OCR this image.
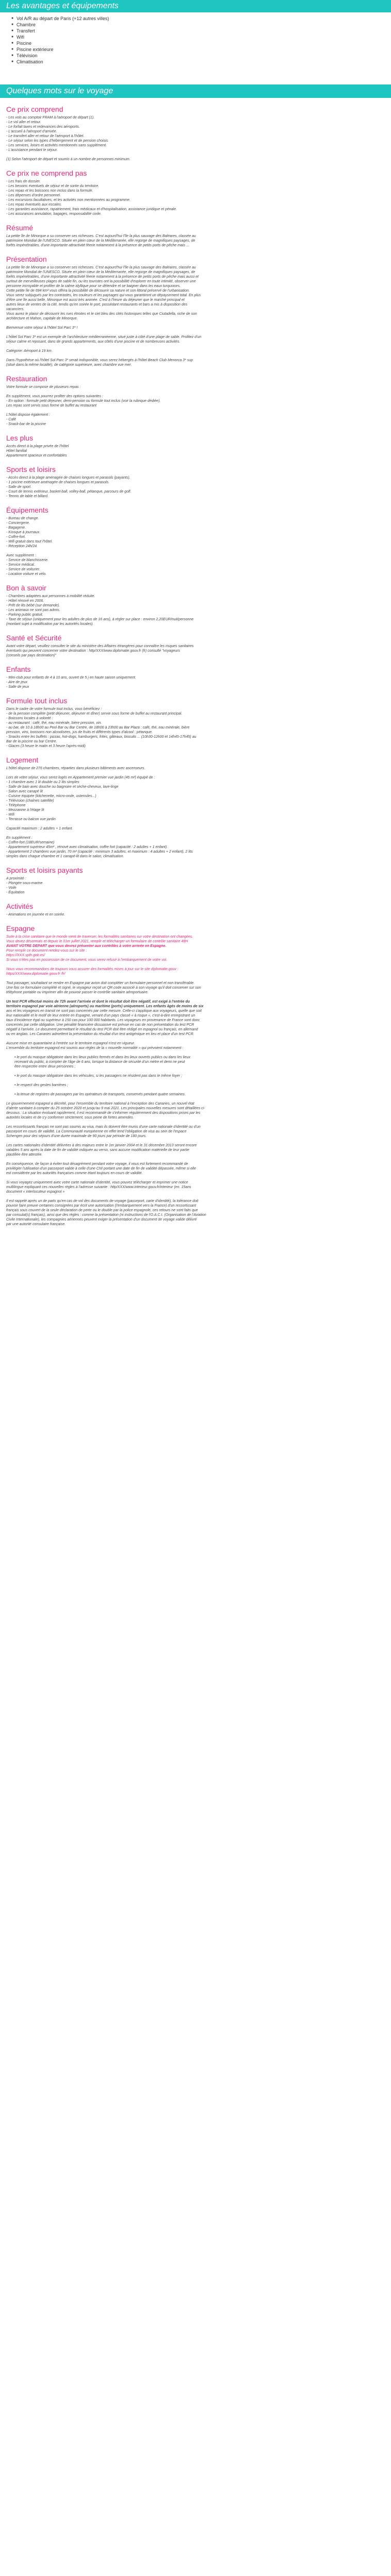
Les avantages et équipements
● Vol A/R au départ de Paris (+12 autres villes)
● Chambre
● Transfert
● Wifi
● Piscine
● Piscine extérieure
● Télévision
● Climatisation
Quelques mots sur le voyage
Ce prix comprend

- Les vols au comptoir FRAM à l'aéroport de départ (1).

- Le vol aller et retour.

- Le forfait taxes et redevances des aéroports.

- L'accueil à l'aéroport d'arrivée.

- Le transfert aller et retour de l'aéroport à l'hôtel.

- Le séjour selon les types d'hébergement et de pension choisis.

- Les services, loisirs et activités mentionnés sans supplément.

- L'assistance pendant le séjour.

(1) Selon l'aéroport de départ et soumis à un nombre de personnes minimum.

Ce prix ne comprend pas

- Les frais de dossier.

- Les besoins éventuels de séjour et de sortie du territoire.

- Les repas et les boissons non inclus dans la formule.

- Les dépenses d'ordre personnel.

- Les excursions facultatives, et les activités non mentionnées au programme.

- Les repas éventuels aux escales.

- Les garanties assistance, rapatriement, frais médicaux et d'hospitalisation, assistance juridique et pénale.

- Les assurances annulation, bagages, responsabilité civile.

Résumé

La petite île de Minorque a su conserver ses richesses. C'est aujourd'hui l'île la plus sauvage des Baléares, classée au

patrimoine Mondial de l'UNESCO. Située en plein cœur de la Méditerranée, elle regorge de magnifiques paysages, de

forêts impénétrables, d'une importante attractivité féerie notamment à la présence de petits ports de pêche mais ...

Présentation

La petite île de Minorque a su conserver ses richesses. C'est aujourd'hui l'île la plus sauvage des Baléares, classée au

patrimoine Mondial de l'UNESCO. Située en plein cœur de la Méditerranée, elle regorge de magnifiques paysages, de

forêts impénétrables, d'une importante attractivité féerie notamment à la présence de petits ports de pêche mais aussi et

surtout de merveilleuses plages de sable fin, ou les touristes ont la possibilité d'explorer en toute intimité, observer une

personne incroyable et profiter de la calme idyllique pour se détendre et se baigner dans les eaux turquoises.

Cette petite île de 694 km² vous offrira la possibilité de découvrir sa nature et son littoral préservé de l'urbanisation.

Vous serez subjugués par les contrastes, les couleurs et les paysages qui vous garantiront un dépaysement total. En plus

d'être une île aussi belle, Minorque est aussi très animée. C'est à l'heure du déjeuner que le marché principal et

autres lieux de ventes de la cité, tendis qu'en soirée le port, possédant restaurants et bars a mis à disposition des

vacanciers.

Vous aurez le plaisir de découvrir les rues étroites et le ciel bleu des cités historiques telles que Ciutadella, riche de son

architecture et Mahon, capitale de Minorque.

Bienvenue votre séjour à l'hôtel Sol Parc 3* !

L'hôtel Sol Parc 3* est un exemple de l'architecture méditerranéenne, situé juste à côté d'une plage de sable. Profitez d'un

séjour calme et reposant, dans de grands appartements, aux côtés d'une piscine et de nombreuses activités.

Catégorie: Aéroport à 19 km.

Dans l'hypothèse où l'hôtel Sol Parc 3* serait indisponible, vous serez hébergés à l'hôtel Beach Club Menorca 3* sup

(situé dans la même localité), de catégorie supérieure, avec chambre vue mer.

Restauration

Votre formule se compose de plusieurs repas :

En supplément, vous pourrez profiter des options suivantes :

- En option : formule petit déjeuner, demi-pension ou formule tout inclus (voir la rubrique dédiée).

Les repas sont servis sous forme de buffet au restaurant

L'hôtel dispose également :

- Café

- Snack-bar de la piscine

Les plus

Accès direct à la plage privée de l'hôtel

Hôtel familial

Appartement spacieux et confortables

Sports et loisirs

- Accès direct à la plage aménagée de chaises longues et parasols (payants).

- 1 piscine extérieure aménagée de chaises longues et parasols.

- Salle de sport.

- Court de tennis extérieur, basket-ball, volley-ball, pétanque, parcours de golf.

- Tennis de table et billard.

Équipements

- Bureau de change.

- Conciergerie.

- Bagagerie.

- Kiosque à journaux.

- Coffre-fort.

- Wifi gratuit dans tout l'hôtel.

- Réception 24h/24.

Avec supplément :

- Service de blanchisserie.

- Service médical.

- Service de voiturier.

- Location voiture et vélo.

Bon à savoir

- Chambres adaptées aux personnes à mobilité réduite.

- Hôtel rénové en 2006.

- Prêt de lits bébé (sur demande).

- Les animaux ne sont pas admis.

- Parking public gratuit.

- Taxe de séjour (uniquement pour les adultes de plus de 16 ans), à régler sur place : environ 2,20EUR/nuit/personne

(montant sujet à modification par les autorités locales).

Santé et Sécurité

Avant votre départ, veuillez consulter le site du ministère des Affaires étrangères pour connaître les risques sanitaires

éventuels qui peuvent concerner votre destination : http/XXX/www.diplomatie.gouv.fr (fr) consulté "voyageurs

(conseils par pays destination)"

Enfants

- Mini-club pour enfants de 4 à 10 ans, ouvert de 5 j en haute saison uniquement.

- Aire de jeux

- Salle de jeux

Formule tout inclus

Dans le cadre de votre formule tout inclus, vous bénéficiez :

- de la pension complète (petit déjeuner, déjeuner et dîner) servie sous forme de buffet au restaurant principal.

- Boissons locales à volonté :

- au restaurant : café, thé, eau minérale, bière pression, vin.

- au bar, de 10 à 18h00 au Pool Bar ou Bar Centre, de 18h00 à 23h00 au Bar Plaza : café, thé, eau minérale, bière

pression, vins, boissons non alcoolisées, jus de fruits et différents types d'alcool : pétanque.

- Snacks entre les buffets : pizzas, hot-dogs, hamburgers, frites, gâteaux, biscuits ... (10h30-12h00 et 14h45-17h45) au

Bar de la piscine ou bar Centre.

- Glaces (3 heure le matin et 3 heure l'après-midi)

Logement

L'hôtel dispose de 276 chambres, réparties dans plusieurs bâtiments avec ascenseurs.

Lors de votre séjour, vous serez logés en Appartement premier vue jardin (45 m²) équipé de :

- 1 chambre avec 1 lit double ou 2 lits simples

- Salle de bain avec douche ou baignoire et sèche-cheveux, lave-linge

- Salon avec canapé lit

- Cuisine équipée (kitchenette, micro-onde, ustensiles...)

- Télévision (chaînes satellite)

- Téléphone

- Mezzanine à l'étage lit

- Wifi

- Terrasse ou balcon vue jardin

Capacité maximum : 2 adultes + 1 enfant.

En supplément :

- Coffre-fort (18EUR/semaine)

- Appartement supérieur 45m² , rénové avec climatisation, coffre fort (capacité : 2 adultes + 1 enfant).

- Appartement 2 chambres vue jardin, 70 m² (capacité : minimum 3 adultes, et maximum : 4 adultes + 2 enfant), 2 lits

simples dans chaque chambre et 1 canapé-lit dans le salon, climatisation.

Sports et loisirs payants

A proximité :

- Plongée sous-marine

- Voile

- Équitation

Activités

- Animations en journée et en soirée.

Espagne

Suite à la crise sanitaire que le monde vient de traverser, les formalités sanitaires sur votre destination ont changées.

Vous devez désormais et depuis le 01er juillet 2021, remplir et télécharger un formulaire de contrôle sanitaire 48H

AVANT VOTRE DEPART que vous devrez présenter aux contrôles à votre arrivée en Espagne.

Pour remplir ce document rendez-vous sur le site :

https://XXX.spth.gob.es/

Si vous n'êtes pas en possession de ce document, vous serez refusé à l'embarquement de votre vol.

Nous vous recommandons de toujours vous assurer des formalités mises à jour sur le site diplomatie.gouv :

https/XXX/www.diplomatie.gouv.fr /fr/

Tout passager, souhaitant se rendre en Espagne par avion doit compléter un formulaire personnel et non transférable.

Une fois ce formulaire complété et signé, le voyageur reçoit un QR code associé à son voyage qu'il doit conserver sur son

téléphone portable ou imprimer afin de pouvoir passer le contrôle sanitaire aéroportuaire.

Un test PCR effectué moins de 72h avant l'arrivée et dont le résultat doit être négatif, est exigé à l'entrée du

territoire espagnol par voie aérienne (aéroports) ou maritime (ports) uniquement. Les enfants âgés de moins de six

ans et les voyageurs en transit ne sont pas concernés par cette mesure. Celle-ci s'applique aux voyageurs, quelle que soit

leur nationalité et le motif de leur entrée en Espagne, venant d'un pays classé « à risque », c'est-à-dire enregistrant un

taux d'incidence égal ou supérieur à 150 cas pour 100 000 habitants. Les voyageurs en provenance de France sont donc

concernés par cette obligation. Une pénalité financière dissuasive est prévue en cas de non présentation du test PCR

négatif à l'arrivée. Le document permettant le résultat du test PCR doit être rédigé en espagnol ou français, en allemand

ou en anglais. Les Canaries admettent la présentation du résultat d'un test antigénique en lieu et place d'un test PCR.

Aucune mise en quarantaine à l'entrée sur le territoire espagnol n'est en vigueur.

L'ensemble du territoire espagnol est soumis aux règles de la « nouvelle normalité » qui prévoient notamment :

• le port du masque obligatoire dans les lieux publics fermés et dans les lieux ouverts publics ou dans les lieux

recevant du public, à compter de l'âge de 6 ans, lorsque la distance de sécurité d'un mètre et demi ne peut

être respectée entre deux personnes ;

• le port du masque obligatoire dans les véhicules, si les passagers ne résident pas dans le même foyer ;

• le respect des gestes barrières ;

• la tenue de registres de passagers par les opérateurs de transports, conservés pendant quatre semaines.

Le gouvernement espagnol a décrété, pour l'ensemble du territoire national à l'exception des Canaries, un nouvel état

d'alerte sanitaire à compter du 25 octobre 2020 et jusqu'au 9 mai 2021. Les principales nouvelles mesures sont détaillées ci-

dessous : La situation évoluant rapidement, il est recommandé de s'informer régulièrement des dispositions prises par les

autorités locales et de s'y conformer strictement, sous peine de fortes amendes.

Les ressortissants français ne sont pas soumis au visa, mais ils doivent être munis d'une carte nationale d'identité ou d'un

passeport en cours de validité. La Communauté européenne en effet tend l'obligation de visa au sein de l'espace

Schengen pour des séjours d'une durée maximale de 90 jours par période de 180 jours.

Les cartes nationales d'identité délivrées à des majeurs entre le 1er janvier 2004 et le 31 décembre 2013 seront encore

valables 5 ans après la date de fin de validité indiquée au verso, sans aucune modification matérielle de leur partie

plastifiée être attestée.

En conséquence, de façon à éviter tout désagrément pendant votre voyage, il vous est fortement recommandé de

privilégier l'utilisation d'un passeport valide à celle d'une CNI portant une date de fin de validité dépassée, même si elle

est considérée par les autorités françaises comme étant toujours en cours de validité.

Si vous voyagez uniquement avec votre carte nationale d'identité, vous pouvez télécharger et imprimer une notice

multilingue expliquant ces nouvelles règles à l'adresse suivante : http/XXX/www.interieur.gouv.fr/interieur (en. 15ans

document « interlocuteur espagnol »

Il est rappelé après un de parts qu'en cas de vol des documents de voyage (passeport, carte d'identité), la tolérance doit

pouvoir faire preuve certaines consignées par écrit une autorisation (l'embarquement vers la France) d'un ressortissant

français sous couvert de la seule déclaration de perte ou le double par la police espagnole, ces retours ne sont faits que

par consulat(s) français), ainsi que des règles : comme la présentation (ni instructions de l'O.A.C.I. (Organisation de l'Aviation

Civile Internationale), les compagnies aériennes peuvent exiger la présentation d'un document de voyage valide délivré

par une autorité consulaire française.
